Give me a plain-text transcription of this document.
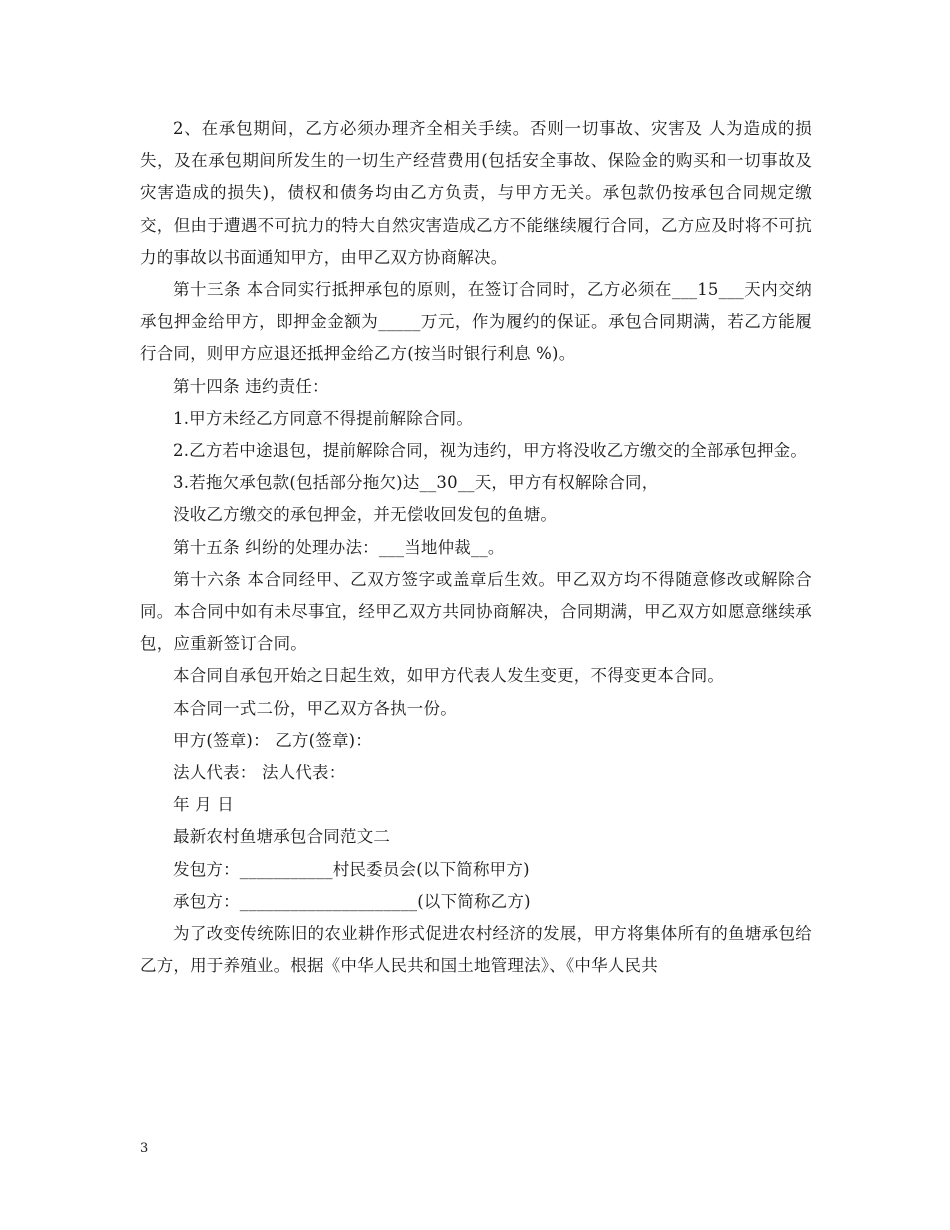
2、在承包期间，乙方必须办理齐全相关手续。否则一切事故、灾害及 人为造成的损失，及在承包期间所发生的一切生产经营费用(包括安全事故、保险金的购买和一切事故及灾害造成的损失)，债权和债务均由乙方负责，与甲方无关。承包款仍按承包合同规定缴交，但由于遭遇不可抗力的特大自然灾害造成乙方不能继续履行合同，乙方应及时将不可抗力的事故以书面通知甲方，由甲乙双方协商解决。

第十三条 本合同实行抵押承包的原则，在签订合同时，乙方必须在___15___天内交纳承包押金给甲方，即押金金额为_____万元，作为履约的保证。承包合同期满，若乙方能履行合同，则甲方应退还抵押金给乙方(按当时银行利息 %)。

第十四条 违约责任：

1.甲方未经乙方同意不得提前解除合同。

2.乙方若中途退包，提前解除合同，视为违约，甲方将没收乙方缴交的全部承包押金。

3.若拖欠承包款(包括部分拖欠)达__30__天，甲方有权解除合同，

没收乙方缴交的承包押金，并无偿收回发包的鱼塘。

第十五条 纠纷的处理办法：___当地仲裁__。

第十六条 本合同经甲、乙双方签字或盖章后生效。甲乙双方均不得随意修改或解除合同。本合同中如有未尽事宜，经甲乙双方共同协商解决，合同期满，甲乙双方如愿意继续承包，应重新签订合同。

本合同自承包开始之日起生效，如甲方代表人发生变更，不得变更本合同。

本合同一式二份，甲乙双方各执一份。

甲方(签章)： 乙方(签章)：

法人代表： 法人代表：

年 月 日

最新农村鱼塘承包合同范文二

发包方：___________村民委员会(以下简称甲方)

承包方：_____________________(以下简称乙方)

为了改变传统陈旧的农业耕作形式促进农村经济的发展，甲方将集体所有的鱼塘承包给乙方，用于养殖业。根据《中华人民共和国土地管理法》、《中华人民共

3
